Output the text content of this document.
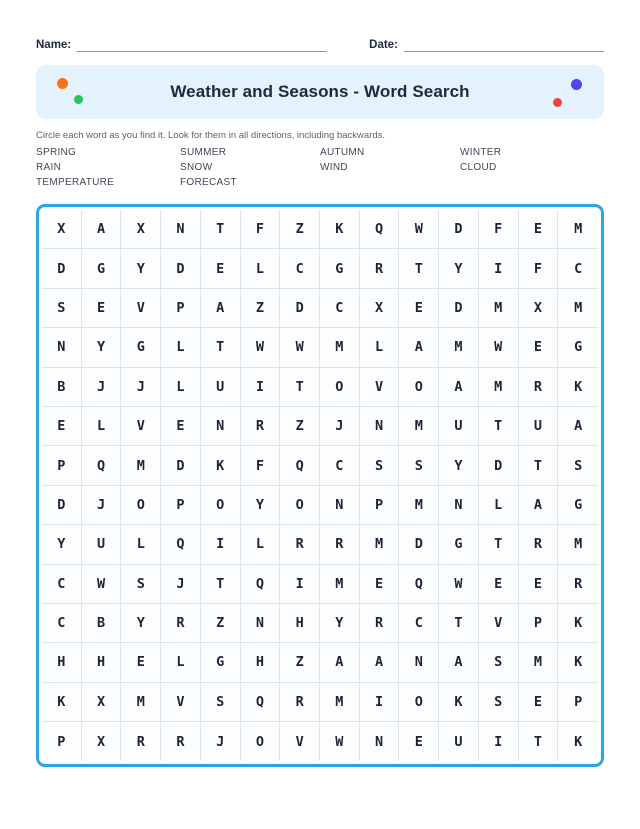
Name:	Date:
Weather and Seasons - Word Search
Circle each word as you find it. Look for them in all directions, including backwards.
SPRING	SUMMER	AUTUMN	WINTER
RAIN	SNOW	WIND	CLOUD
TEMPERATURE	FORECAST
X	A	X	N	T	F	Z	K	Q	W	D	F	E	M
D	G	Y	D	E	L	C	G	R	T	Y	I	F	C
S	E	V	P	A	Z	D	C	X	E	D	M	X	M
N	Y	G	L	T	W	W	M	L	A	M	W	E	G
B	J	J	L	U	I	T	O	V	O	A	M	R	K
E	L	V	E	N	R	Z	J	N	M	U	T	U	A
P	Q	M	D	K	F	Q	C	S	S	Y	D	T	S
D	J	O	P	O	Y	O	N	P	M	N	L	A	G
Y	U	L	Q	I	L	R	R	M	D	G	T	R	M
C	W	S	J	T	Q	I	M	E	Q	W	E	E	R
C	B	Y	R	Z	N	H	Y	R	C	T	V	P	K
H	H	E	L	G	H	Z	A	A	N	A	S	M	K
K	X	M	V	S	Q	R	M	I	O	K	S	E	P
P	X	R	R	J	O	V	W	N	E	U	I	T	K
